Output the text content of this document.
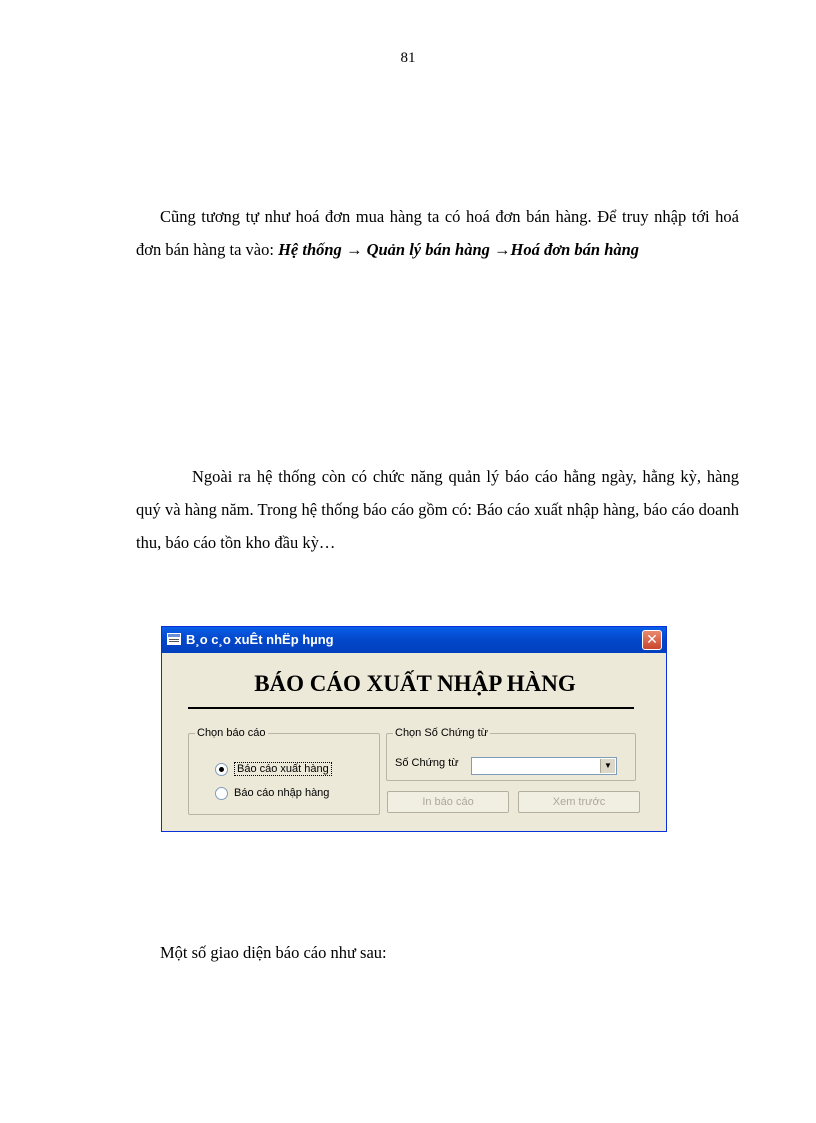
81

Cũng tương tự như hoá đơn mua hàng ta có hoá đơn bán hàng. Để truy nhập tới hoá đơn bán hàng ta vào: Hệ thống → Quản lý bán hàng →Hoá đơn bán hàng

Ngoài ra hệ thống còn có chức năng quản lý báo cáo hằng ngày, hằng kỳ, hàng quý và hàng năm. Trong hệ thống báo cáo gồm có: Báo cáo xuất nhập hàng, báo cáo doanh thu, báo cáo tồn kho đầu kỳ…

B¸o c¸o xuÊt nhËp hµng	✕
BÁO CÁO XUẤT NHẬP HÀNG
Chọn báo cáo
Báo cáo xuất hàng
Báo cáo nhập hàng
Chọn Số Chứng từ
Số Chứng từ	▼
In báo cáo	Xem trước

Một số giao diện báo cáo như sau:
